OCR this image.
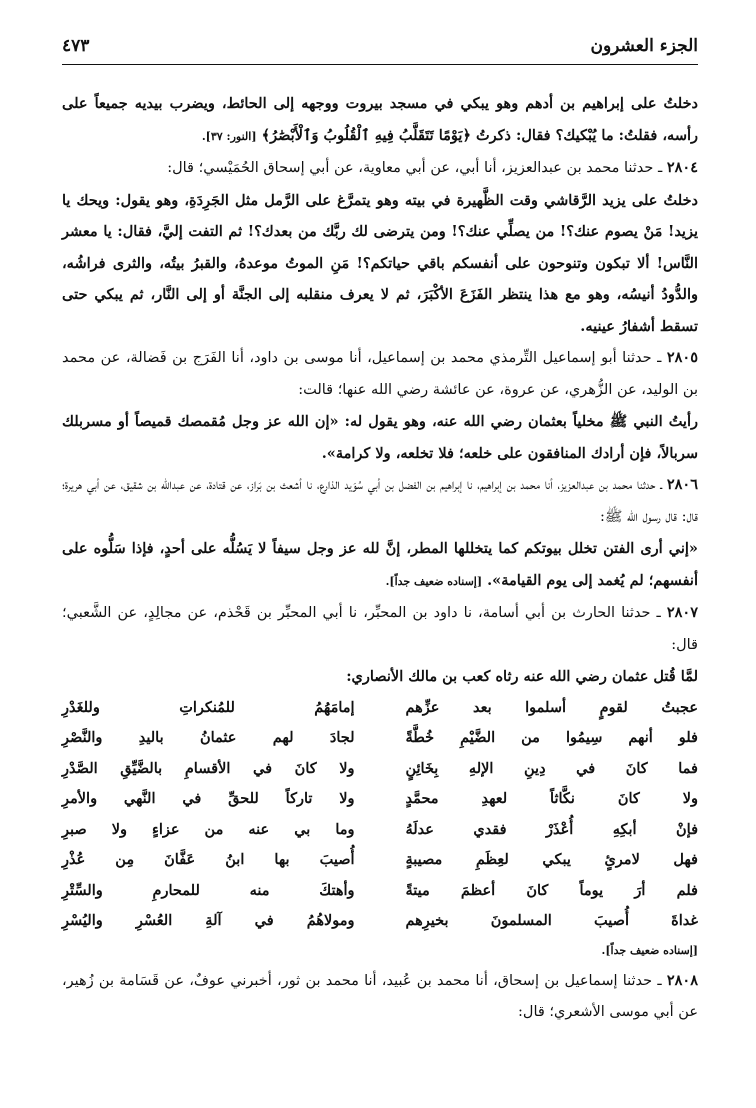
الجزء العشرون
٤٧٣

دخلتُ على إبراهيم بن أدهم وهو يبكي في مسجد بيروت ووجهه إلى الحائط، ويضرب بيديه جميعاً على رأسه، فقلتُ: ما يُبْكيك؟ فقال: ذكرتُ ﴿يَوْمًا تَتَقَلَّبُ فِيهِ ٱلْقُلُوبُ وَٱلْأَبْصَٰرُ﴾ [النور: ٣٧].

٢٨٠٤ ـ حدثنا محمد بن عبدالعزيز، أنا أبي، عن أبي معاوية، عن أبي إسحاق الحُمَيْسي؛ قال:

دخلتُ على يزيد الرَّقاشي وقت الظَّهيرة في بيته وهو يتمرَّغ على الرَّمل مثل الجَرِدَةِ، وهو يقول: ويحك يا يزيد! مَنْ يصوم عنك؟! من يصلِّي عنك؟! ومن يترضى لك ربَّك من بعدك؟! ثم التفت إليَّ، فقال: يا معشر النَّاس! ألا تبكون وتنوحون على أنفسكم باقي حياتكم؟! مَنِ الموتُ موعدهُ، والقبرُ بيتُه، والثرى فراشُه، والدُّودُ أنيسُه، وهو مع هذا ينتظر الفَزَعَ الأكْبَرَ، ثم لا يعرف منقلبه إلى الجنَّة أو إلى النَّار، ثم يبكي حتى تسقط أشفارُ عينيه.

٢٨٠٥ ـ حدثنا أبو إسماعيل التِّرمذي محمد بن إسماعيل، أنا موسى بن داود، أنا الفَرَج بن فَضالة، عن محمد بن الوليد، عن الزُّهري، عن عروة، عن عائشة رضي الله عنها؛ قالت:

رأيتُ النبي ﷺ مخلياً بعثمان رضي الله عنه، وهو يقول له: «إن الله عز وجل مُقمصك قميصاً أو مسربلك سربالاً، فإن أرادك المنافقون على خلعه؛ فلا تخلعه، ولا كرامة».

٢٨٠٦ ـ حدثنا محمد بن عبدالعزيز، أنا محمد بن إبراهيم، نا إبراهيم بن الفضل بن أبي سُوَيد الذارع، نا أشعث بن بَراز، عن قتادة، عن عبدالله بن شقيق، عن أبي هريرة؛ قال: قال رسول الله ﷺ:

«إني أرى الفتن تخلل بيوتكم كما يتخللها المطر، إنَّ لله عز وجل سيفاً لا يَسُلُّه على أحدٍ، فإذا سَلُّوه على أنفسهم؛ لم يُغمد إلى يوم القيامة». [إسناده ضعيف جداً].

٢٨٠٧ ـ حدثنا الحارث بن أبي أسامة، نا داود بن المحبِّر، نا أبي المحبِّر بن قَحْذم، عن مجالِدٍ، عن الشَّعبي؛ قال:

لمَّا قُتل عثمان رضي الله عنه رثاه كعب بن مالك الأنصاري:

عجبتُ لقومٍ أسلموا بعد عزِّهم
إمامَهُمُ للمُنكراتِ وللغَدْرِ
فلو أنهم سِيمُوا من الضَّيْمِ خُطَّةً
لجادَ لهم عثمانُ باليدِ والنَّصْرِ
فما كانَ في دِينِ الإلهِ بِخَائِنٍ
ولا كانَ في الأقسامِ بالضَّيِّقِ الصَّدْرِ
ولا كانَ نكَّاثاً لعهدِ محمَّدٍ
ولا تاركاً للحقِّ في النَّهي والأمرِ
فإنْ أبكِهِ أُعْذَرْ فقدي عدلَهُ
وما بي عنه من عزاءٍ ولا صبرِ
فهل لامرئٍ يبكي لعِظَمِ مصيبةٍ
أُصيبَ بها ابنُ عَفَّانَ مِن عُذْرِ
فلم أرَ يوماً كانَ أعظمَ ميتةً
وأهتكَ منه للمحارمِ والسِّتْرِ
غداةَ أُصيبَ المسلمونَ بخيرِهم
ومولاهُمُ في آلةِ العُسْرِ واليُسْرِ

[إسناده ضعيف جداً].

٢٨٠٨ ـ حدثنا إسماعيل بن إسحاق، أنا محمد بن عُبيد، أنا محمد بن ثور، أخبرني عوفٌ، عن قَسَامة بن زُهير، عن أبي موسى الأشعري؛ قال:
